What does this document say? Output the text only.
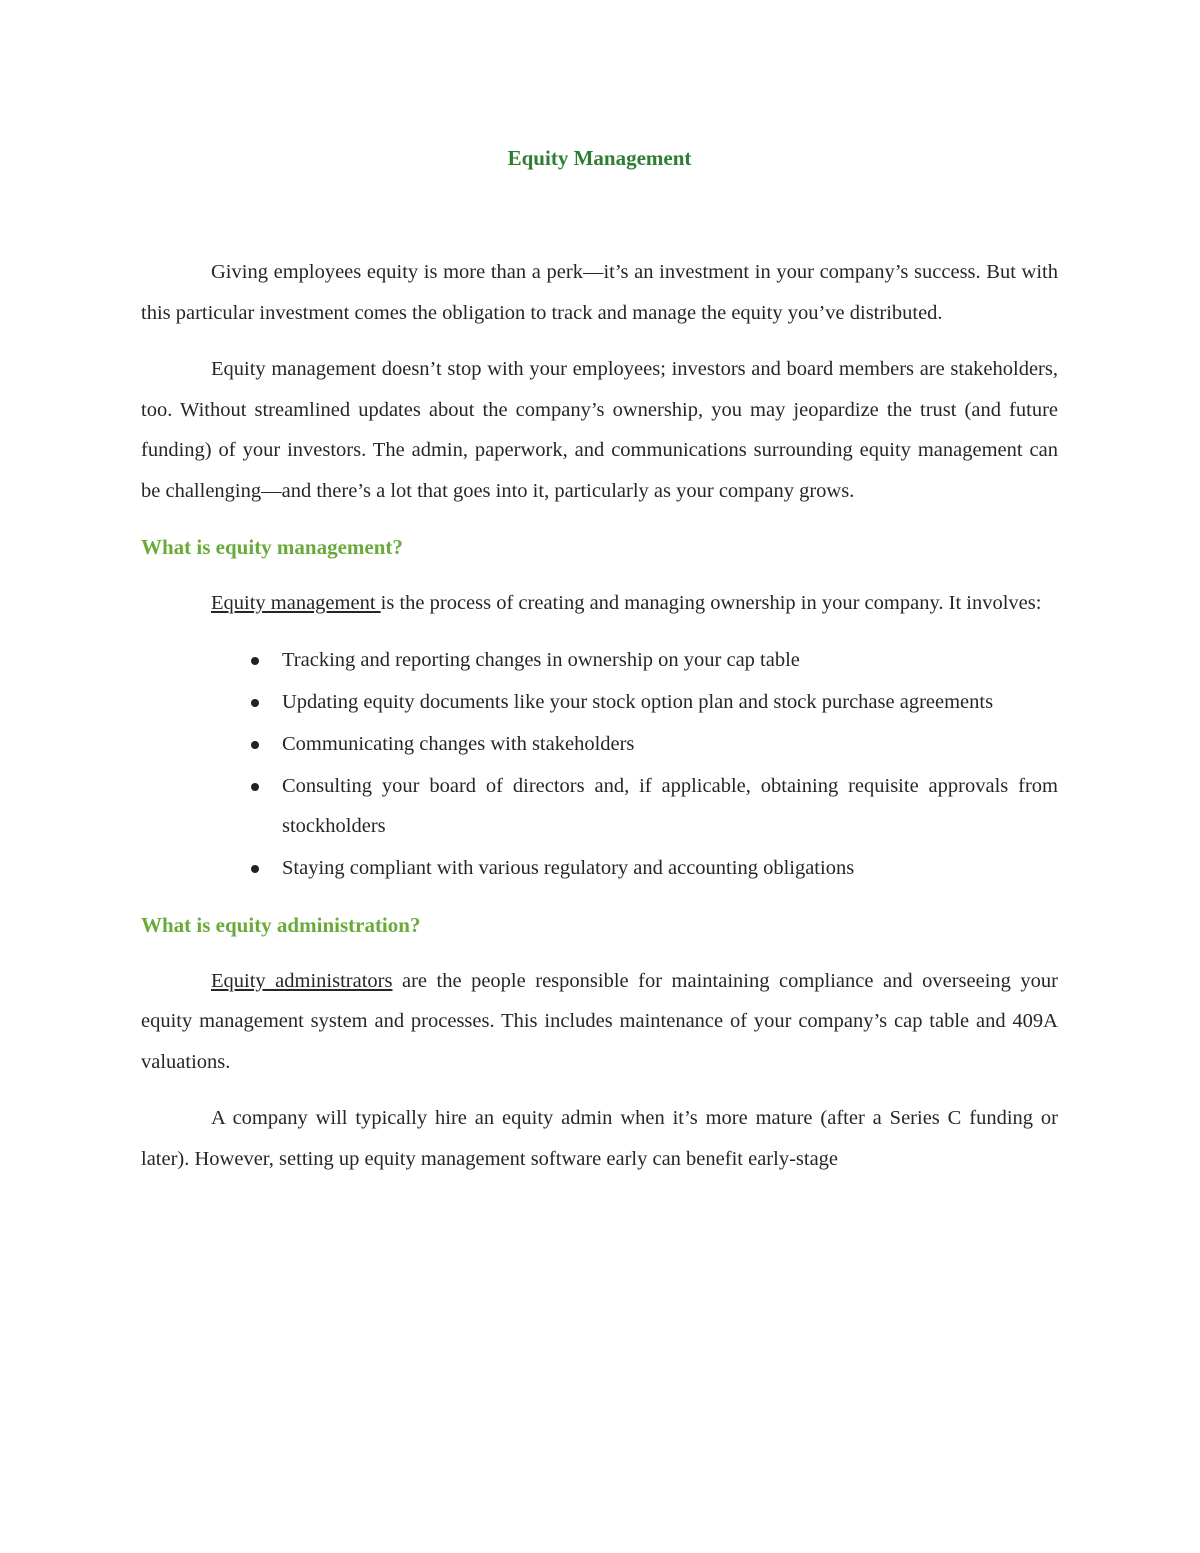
Equity Management

Giving employees equity is more than a perk—it’s an investment in your company’s success. But with this particular investment comes the obligation to track and manage the equity you’ve distributed.

Equity management doesn’t stop with your employees; investors and board members are stakeholders, too. Without streamlined updates about the company’s ownership, you may jeopardize the trust (and future funding) of your investors. The admin, paperwork, and communications surrounding equity management can be challenging—and there’s a lot that goes into it, particularly as your company grows.

What is equity management?

Equity management is the process of creating and managing ownership in your company. It involves:

Tracking and reporting changes in ownership on your cap table
Updating equity documents like your stock option plan and stock purchase agreements
Communicating changes with stakeholders
Consulting your board of directors and, if applicable, obtaining requisite approvals from stockholders
Staying compliant with various regulatory and accounting obligations
What is equity administration?

Equity administrators are the people responsible for maintaining compliance and overseeing your equity management system and processes. This includes maintenance of your company’s cap table and 409A valuations.

A company will typically hire an equity admin when it’s more mature (after a Series C funding or later). However, setting up equity management software early can benefit early-stage
